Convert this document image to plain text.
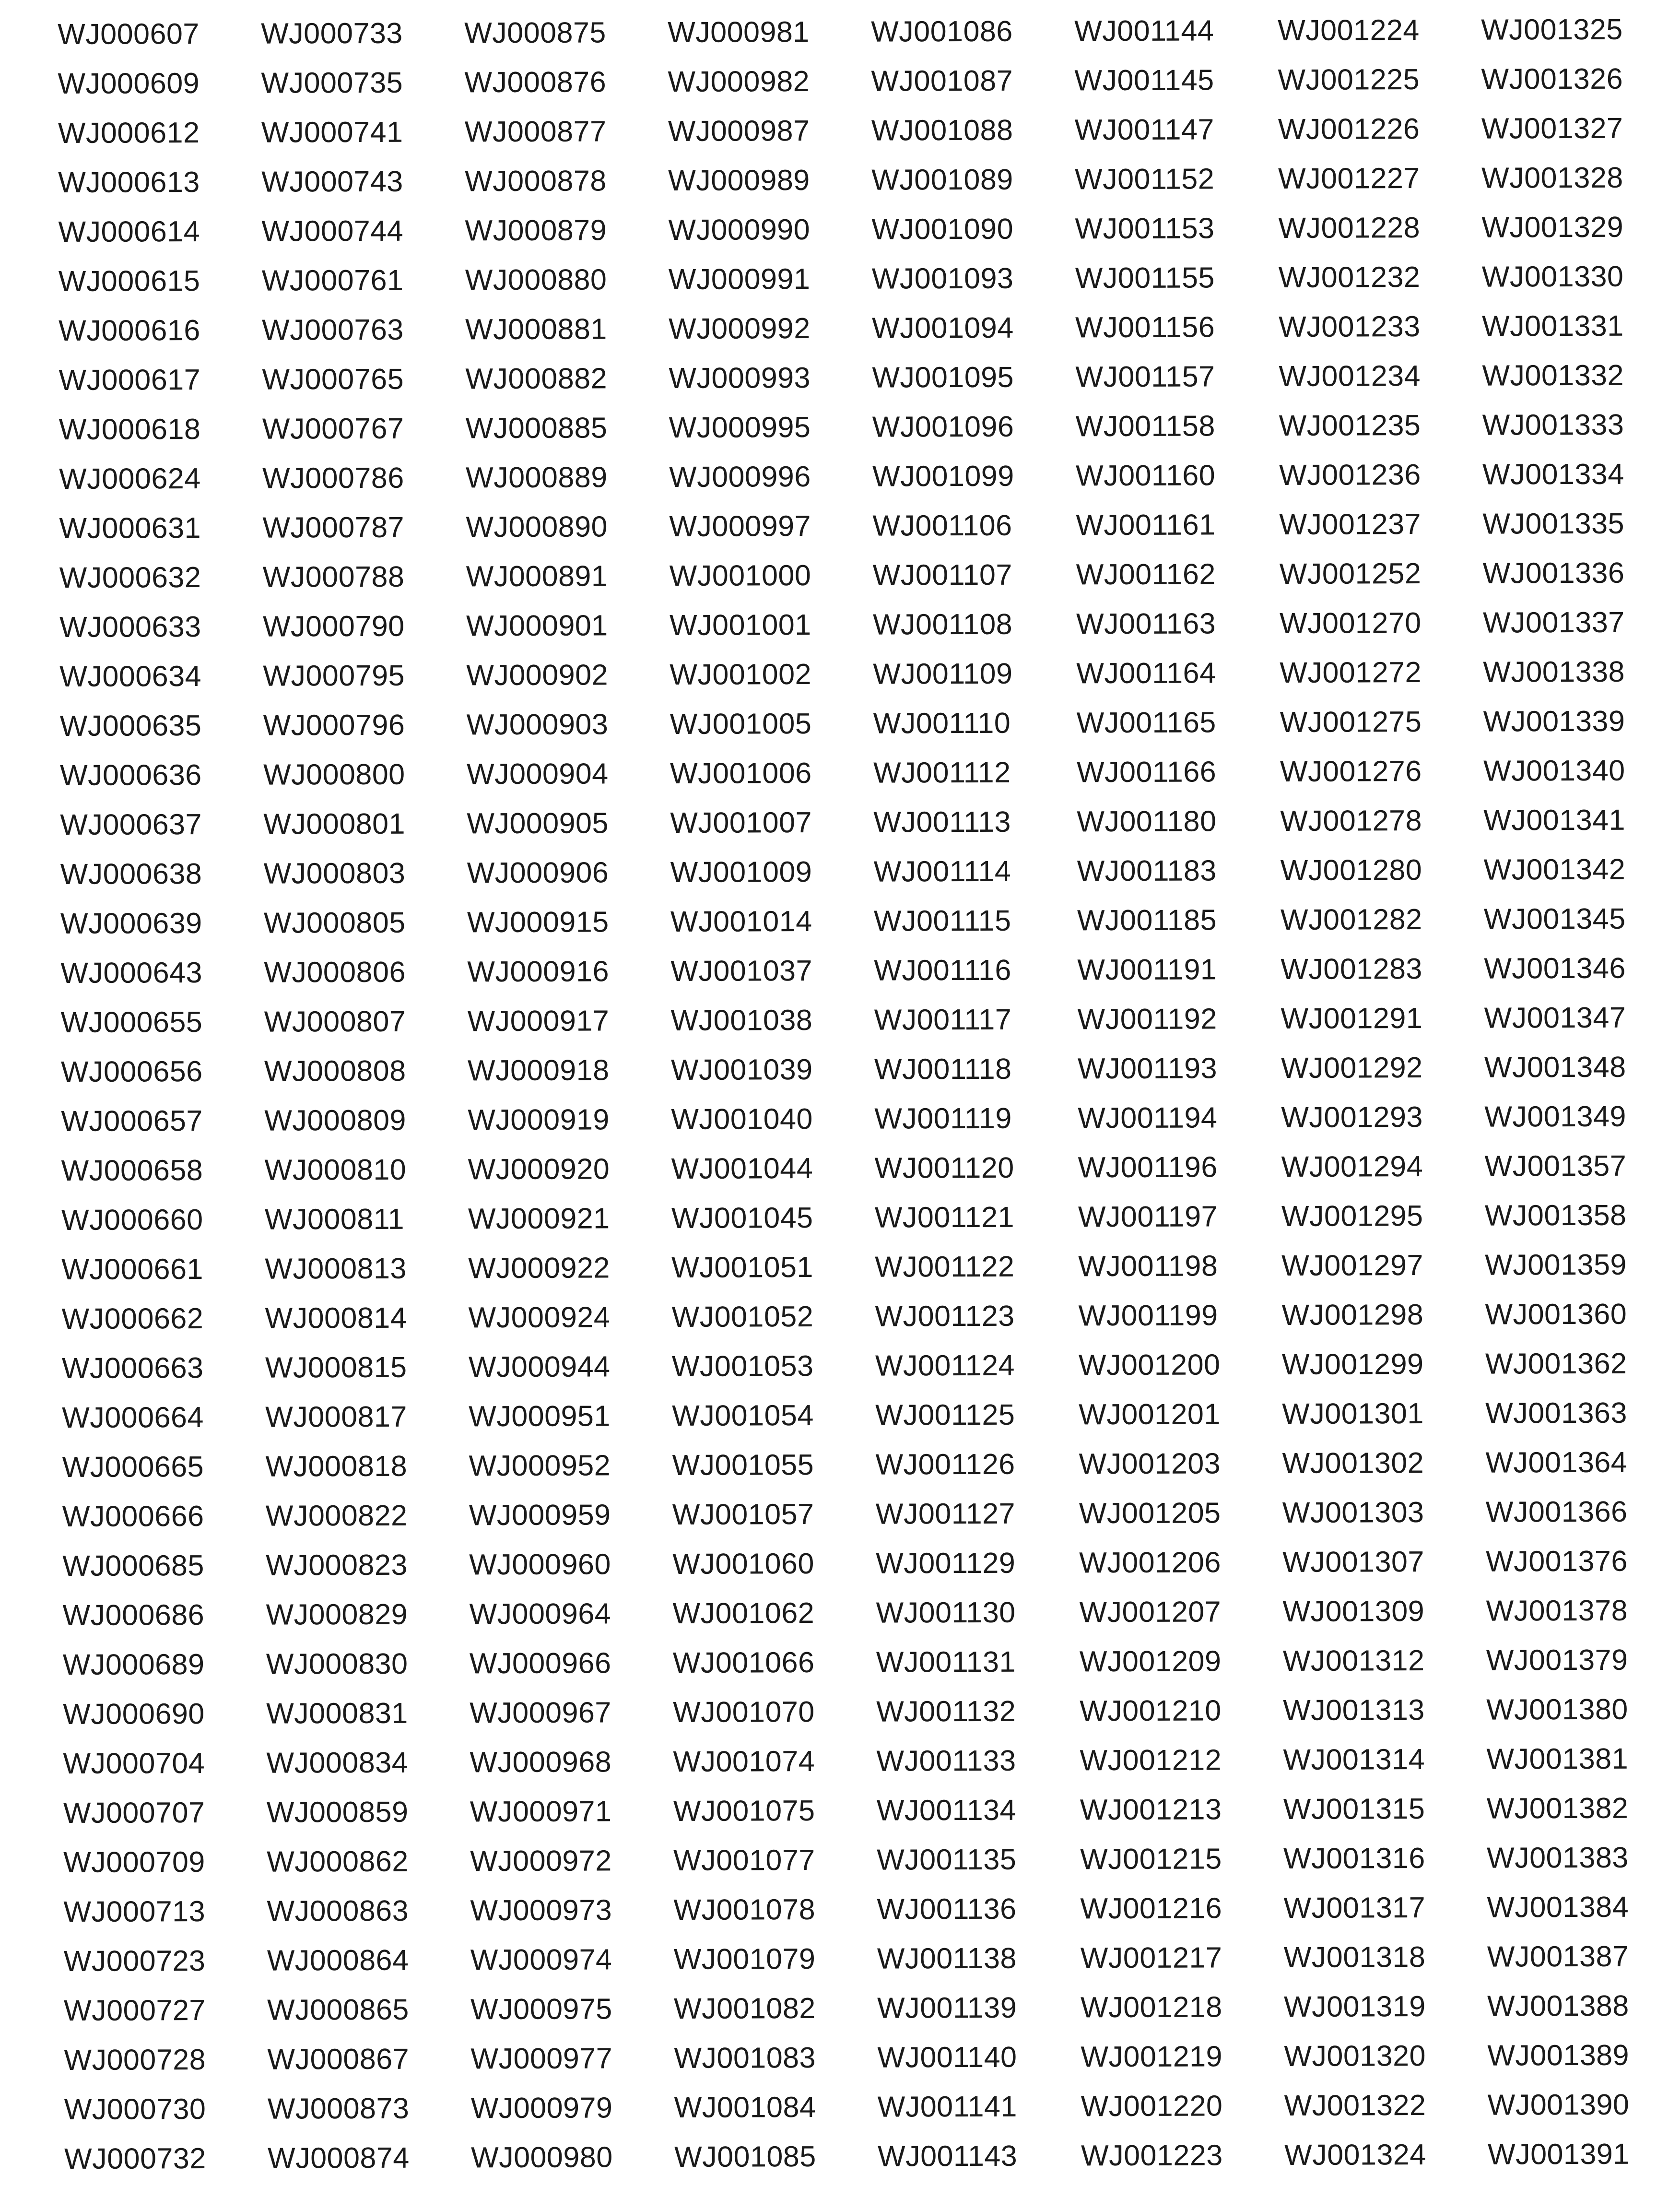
WJ000607	WJ000733	WJ000875	WJ000981	WJ001086	WJ001144	WJ001224	WJ001325
WJ000609	WJ000735	WJ000876	WJ000982	WJ001087	WJ001145	WJ001225	WJ001326
WJ000612	WJ000741	WJ000877	WJ000987	WJ001088	WJ001147	WJ001226	WJ001327
WJ000613	WJ000743	WJ000878	WJ000989	WJ001089	WJ001152	WJ001227	WJ001328
WJ000614	WJ000744	WJ000879	WJ000990	WJ001090	WJ001153	WJ001228	WJ001329
WJ000615	WJ000761	WJ000880	WJ000991	WJ001093	WJ001155	WJ001232	WJ001330
WJ000616	WJ000763	WJ000881	WJ000992	WJ001094	WJ001156	WJ001233	WJ001331
WJ000617	WJ000765	WJ000882	WJ000993	WJ001095	WJ001157	WJ001234	WJ001332
WJ000618	WJ000767	WJ000885	WJ000995	WJ001096	WJ001158	WJ001235	WJ001333
WJ000624	WJ000786	WJ000889	WJ000996	WJ001099	WJ001160	WJ001236	WJ001334
WJ000631	WJ000787	WJ000890	WJ000997	WJ001106	WJ001161	WJ001237	WJ001335
WJ000632	WJ000788	WJ000891	WJ001000	WJ001107	WJ001162	WJ001252	WJ001336
WJ000633	WJ000790	WJ000901	WJ001001	WJ001108	WJ001163	WJ001270	WJ001337
WJ000634	WJ000795	WJ000902	WJ001002	WJ001109	WJ001164	WJ001272	WJ001338
WJ000635	WJ000796	WJ000903	WJ001005	WJ001110	WJ001165	WJ001275	WJ001339
WJ000636	WJ000800	WJ000904	WJ001006	WJ001112	WJ001166	WJ001276	WJ001340
WJ000637	WJ000801	WJ000905	WJ001007	WJ001113	WJ001180	WJ001278	WJ001341
WJ000638	WJ000803	WJ000906	WJ001009	WJ001114	WJ001183	WJ001280	WJ001342
WJ000639	WJ000805	WJ000915	WJ001014	WJ001115	WJ001185	WJ001282	WJ001345
WJ000643	WJ000806	WJ000916	WJ001037	WJ001116	WJ001191	WJ001283	WJ001346
WJ000655	WJ000807	WJ000917	WJ001038	WJ001117	WJ001192	WJ001291	WJ001347
WJ000656	WJ000808	WJ000918	WJ001039	WJ001118	WJ001193	WJ001292	WJ001348
WJ000657	WJ000809	WJ000919	WJ001040	WJ001119	WJ001194	WJ001293	WJ001349
WJ000658	WJ000810	WJ000920	WJ001044	WJ001120	WJ001196	WJ001294	WJ001357
WJ000660	WJ000811	WJ000921	WJ001045	WJ001121	WJ001197	WJ001295	WJ001358
WJ000661	WJ000813	WJ000922	WJ001051	WJ001122	WJ001198	WJ001297	WJ001359
WJ000662	WJ000814	WJ000924	WJ001052	WJ001123	WJ001199	WJ001298	WJ001360
WJ000663	WJ000815	WJ000944	WJ001053	WJ001124	WJ001200	WJ001299	WJ001362
WJ000664	WJ000817	WJ000951	WJ001054	WJ001125	WJ001201	WJ001301	WJ001363
WJ000665	WJ000818	WJ000952	WJ001055	WJ001126	WJ001203	WJ001302	WJ001364
WJ000666	WJ000822	WJ000959	WJ001057	WJ001127	WJ001205	WJ001303	WJ001366
WJ000685	WJ000823	WJ000960	WJ001060	WJ001129	WJ001206	WJ001307	WJ001376
WJ000686	WJ000829	WJ000964	WJ001062	WJ001130	WJ001207	WJ001309	WJ001378
WJ000689	WJ000830	WJ000966	WJ001066	WJ001131	WJ001209	WJ001312	WJ001379
WJ000690	WJ000831	WJ000967	WJ001070	WJ001132	WJ001210	WJ001313	WJ001380
WJ000704	WJ000834	WJ000968	WJ001074	WJ001133	WJ001212	WJ001314	WJ001381
WJ000707	WJ000859	WJ000971	WJ001075	WJ001134	WJ001213	WJ001315	WJ001382
WJ000709	WJ000862	WJ000972	WJ001077	WJ001135	WJ001215	WJ001316	WJ001383
WJ000713	WJ000863	WJ000973	WJ001078	WJ001136	WJ001216	WJ001317	WJ001384
WJ000723	WJ000864	WJ000974	WJ001079	WJ001138	WJ001217	WJ001318	WJ001387
WJ000727	WJ000865	WJ000975	WJ001082	WJ001139	WJ001218	WJ001319	WJ001388
WJ000728	WJ000867	WJ000977	WJ001083	WJ001140	WJ001219	WJ001320	WJ001389
WJ000730	WJ000873	WJ000979	WJ001084	WJ001141	WJ001220	WJ001322	WJ001390
WJ000732	WJ000874	WJ000980	WJ001085	WJ001143	WJ001223	WJ001324	WJ001391
